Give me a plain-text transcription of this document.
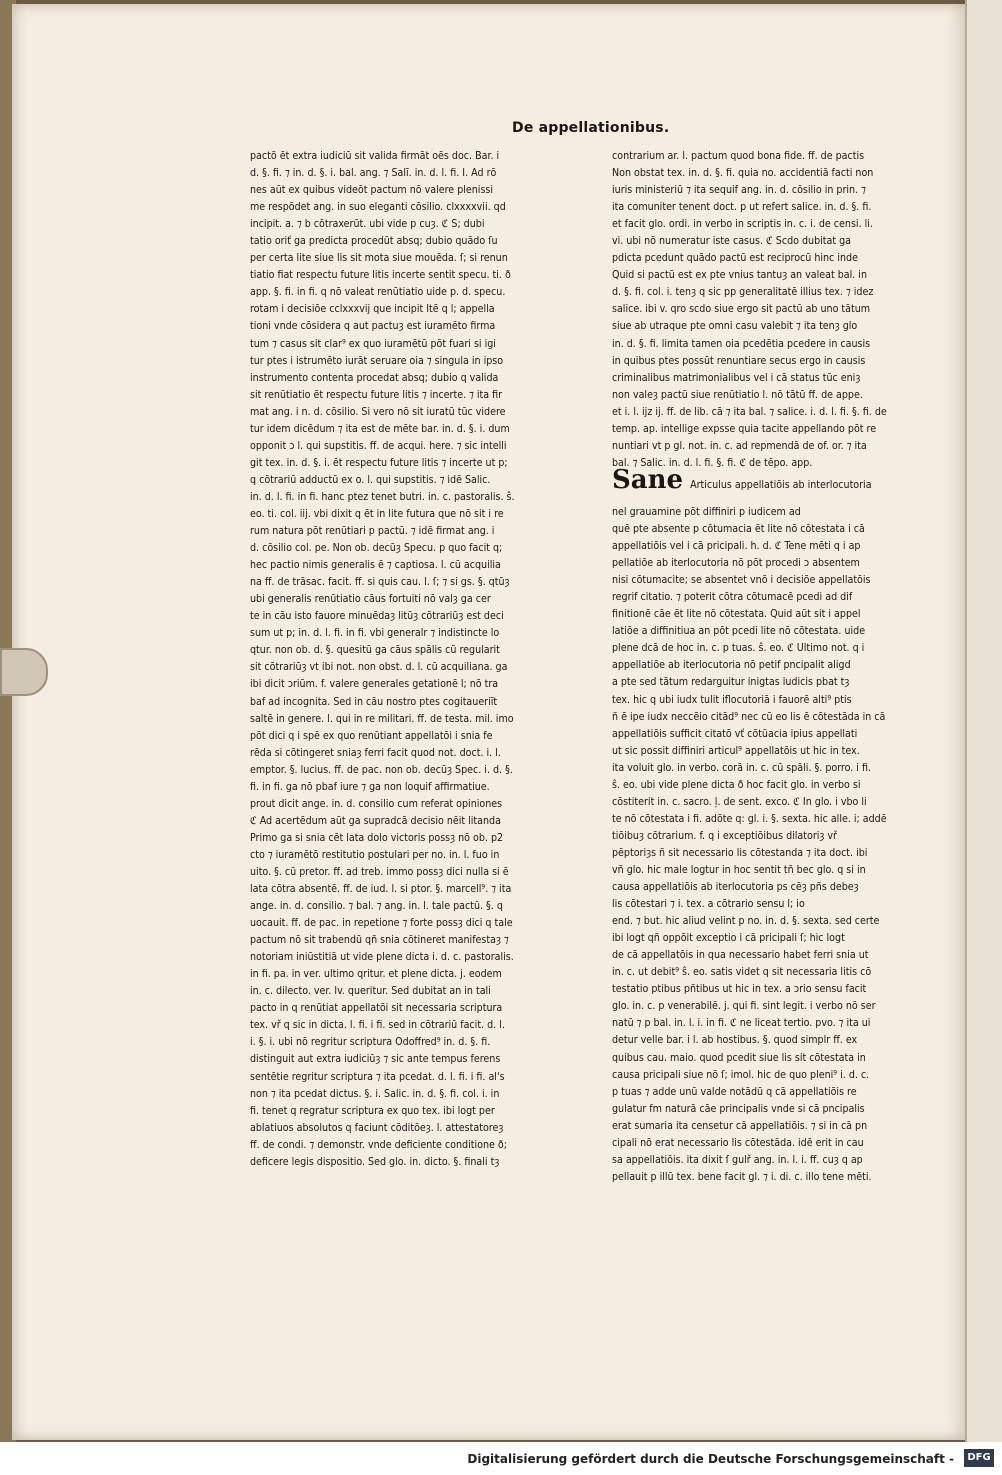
De appellationibus.
pactõ ēt extra iudiciū sit valida firmāt oēs doc. Bar. i
d. §. fi. ⁊ in. d. §. i. bal. ang. ⁊ Salī. in. d. l. fi. I. Ad rō
nes aūt ex quibus videōt pactum nō valere plenissi
me respōdet ang. in suo eleganti cōsilio. clxxxxvii. qd
incipit. a. ⁊ b cōtraxerūt. ubi vide p cuȝ. ℭ S; dubi
tatio oriť ga predicta procedūt absq; dubio quādo ſu
per certa lite siue lis sit mota siue mouēda. ſ; si renun
tiatio fiat respectu future litis incerte sentit specu. ti. ð
app. §. fi. in fi. q nō valeat renūtiatio uide p. d. specu.
rotam i decisiōe cclxxxvij que incipit Itē q l; appella
tioni vnde cōsidera q aut pactuȝ est iuramēto firma
tum ⁊ casus sit clar⁹ ex quo iuramētū pōt fuari si igi
tur ptes i istrumēto iurāt seruare oia ⁊ singula in ipso
instrumento contenta procedat absq; dubio q valida
sit renūtiatio ēt respectu future litis ⁊ incerte. ⁊ ita fir
mat ang. i n. d. cōsilio. Si vero nō sit iuratū tūc videre
tur idem dicēdum ⁊ ita est de mēte bar. in. d. §. i. dum
opponit ɔ l. qui supstitis. ff. de acqui. here. ⁊ sic intelli
git tex. in. d. §. i. ēt respectu future litis ⁊ incerte ut p;
q cōtrariū adductū ex o. l. qui supstitis. ⁊ idē Salic.
in. d. l. fi. in fi. hanc ptez tenet butri. in. c. pastoralis. ŝ.
eo. ti. col. iij. vbi dixit q ēt in lite futura que nō sit i re
rum natura pōt renūtiari p pactū. ⁊ idē firmat ang. i
d. cōsilio col. pe. Non ob. decūȝ Specu. p quo facit q;
hec pactio nimis generalis ē ⁊ captiosa. l. cū acquilia
na ff. de trāsac. facit. ff. si quis cau. l. ſ; ⁊ si gs. §. qtūȝ
ubi generalis renūtiatio cāus fortuiti nō valȝ ga cer
te in cāu isto fauore minuēdaȝ litūȝ cōtrariūȝ est deci
sum ut p; in. d. l. fi. in fi. vbi generalr ⁊ indistincte lo
qtur. non ob. d. §. quesitū ga cāus spālis cū regularit
sit cōtrariūȝ vt ibi not. non obst. d. l. cū acquiliana. ga
ibi dicit ɔriūm. f. valere generales getationē l; nō tra
baf ad incognita. Sed in cāu nostro ptes cogitaueriīt
saltē in genere. l. qui in re militari. ff. de testa. mil. imo
pōt dici q i spē ex quo renūtiant appellatōi i snia fe
rēda si cōtingeret sniaȝ ferri facit quod not. doct. i. l.
emptor. §. lucius. ff. de pac. non ob. decūȝ Spec. i. d. §.
fi. in fi. ga nō pbaf iure ⁊ ga non loquif affirmatiue.
prout dicit ange. in. d. consilio cum referat opiniones
ℭ Ad acertēdum aūt ga supradcā decisio nēit litanda
Primo ga si snia cēt lata dolo victoris possȝ nō ob. p2
cto ⁊ iuramētō restitutio postulari per no. in. l. fuo in
uito. §. cū pretor. ff. ad treb. immo possȝ dici nulla si ē
lata cōtra absentē. ff. de iud. l. si ptor. §. marcell⁹. ⁊ ita
ange. in. d. consilio. ⁊ bal. ⁊ ang. in. l. tale pactū. §. q
uocauit. ff. de pac. in repetione ⁊ forte possȝ dici q tale
pactum nō sit trabendū qñ snia cōtineret manifestaȝ ⁊
notoriam iniūstitiā ut vide plene dicta i. d. c. pastoralis.
in fi. pa. in ver. ultimo qritur. et plene dicta. j. eodem
in. c. dilecto. ver. lv. queritur. Sed dubitat an in tali
pacto in q renūtiat appellatōi sit necessaria scriptura
tex. vř q sic in dicta. l. fi. i fi. sed in cōtrariū facit. d. l.
i. §. i. ubi nō regritur scriptura Odoffred⁹ in. d. §. fi.
distinguit aut extra iudiciūȝ ⁊ sic ante tempus ferens
sentētie regritur scriptura ⁊ ita pcedat. d. l. fi. i fi. al's
non ⁊ ita pcedat dictus. §. i. Salic. in. d. §. fi. col. i. in
fi. tenet q regratur scriptura ex quo tex. ibi logt per
ablatiuos absolutos q faciunt cōditōeȝ. l. attestatoreȝ
ff. de condi. ⁊ demonstr. vnde deficiente conditione ð;
deficere legis dispositio. Sed glo. in. dicto. §. finali tȝ
contrarium ar. l. pactum quod bona fide. ff. de pactis
Non obstat tex. in. d. §. fi. quia no. accidentiā facti non
iuris ministeriū ⁊ ita sequif ang. in. d. cōsilio in prin. ⁊
ita comuniter tenent doct. p ut refert salice. in. d. §. fi.
et facit glo. ordi. in verbo in scriptis in. c. i. de censi. li.
vi. ubi nō numeratur iste casus. ℭ Scdo dubitat ga
pdicta pcedunt quādo pactū est reciprocū hinc inde
Quid si pactū est ex pte vnius tantuȝ an valeat bal. in
d. §. fi. col. i. tenȝ q sic pp generalitatē illius tex. ⁊ idez
salice. ibi v. qro scdo siue ergo sit pactū ab uno tātum
siue ab utraque pte omni casu valebit ⁊ ita tenȝ glo
in. d. §. fi. limita tamen oia pcedētia pcedere in causis
in quibus ptes possūt renuntiare secus ergo in causis
criminalibus matrimonialibus vel i cā status tūc eniȝ
non valeȝ pactū siue renūtiatio l. nō tātū ff. de appe.
et i. l. ijz ij. ff. de lib. cā ⁊ ita bal. ⁊ salice. i. d. l. fi. §. fi. de
temp. ap. intellige expsse quia tacite appellando pōt re
nuntiari vt p gl. not. in. c. ad repmendā de of. or. ⁊ ita
bal. ⁊ Salic. in. d. l. fi. §. fi. ℭ de tēpo. app.
Sane Articulus appellatiōis ab interlocutoria
nel grauamine pōt diffiniri p iudicem ad
quē pte absente p cōtumacia ēt lite nō cōtestata i cā
appellatiōis vel i cā pricipali. h. d. ℭ Tene mēti q i ap
pellatiōe ab iterlocutoria nō pōt procedi ɔ absentem
nisi cōtumacite; se absentet vnō i decisiōe appellatōis
regrif citatio. ⁊ poterit cōtra cōtumacē pcedi ad dif
finitionē cāe ēt lite nō cōtestata. Quid aūt sit i appel
latiōe a diffinitiua an pōt pcedi lite nō cōtestata. uide
plene dcā de hoc in. c. p tuas. ŝ. eo. ℭ Ultimo not. q i
appellatiōe ab iterlocutoria nō petif pncipalit aligd
a pte sed tātum redarguitur inigtas iudicis pbat tȝ
tex. hic q ubi iudx tulit iflocutoriā i fauorē alti⁹ ptis
ñ ē ipe iudx neccēio citād⁹ nec cū eo lis ē cōtestāda in cā
appellatiōis sufficit citatō vť cōtūacia ipius appellati
ut sic possit diffiniri articul⁹ appellatōis ut hic in tex.
ita voluit glo. in verbo. corā in. c. cū spāli. §. porro. i fi.
ŝ. eo. ubi vide plene dicta ð hoc facit glo. in verbo si
cōstiterit in. c. sacro. ļ. de sent. exco. ℭ In glo. i vbo li
te nō cōtestata i fi. adōte q: gl. i. §. sexta. hic alle. i; addē
tiōibuȝ cōtrarium. f. q i exceptiōibus dilatoriȝ vř
pēptoriȝs ñ sit necessario lis cōtestanda ⁊ ita doct. ibi
vñ glo. hic male logtur in hoc sentit tñ bec glo. q si in
causa appellatiōis ab iterlocutoria ps cēȝ pñs debeȝ
lis cōtestari ⁊ i. tex. a cōtrario sensu l; io
end. ⁊ but. hic aliud velint p no. in. d. §. sexta. sed certe
ibi logt qñ oppōit exceptio i cā pricipali ſ; hic logt
de cā appellatōis in qua necessario habet ferri snia ut
in. c. ut debit⁹ ŝ. eo. satis videt q sit necessaria litis cō
testatio ptibus pñtibus ut hic in tex. a ɔrio sensu facit
glo. in. c. p venerabilē. j. qui fi. sint legit. i verbo nō ser
natū ⁊ p bal. in. l. i. in fi. ℭ ne liceat tertio. pvo. ⁊ ita ui
detur velle bar. i l. ab hostibus. §. quod simplr ff. ex
quibus cau. maio. quod pcedit siue lis sit cōtestata in
causa pricipali siue nō ſ; imol. hic de quo pleni⁹ i. d. c.
p tuas ⁊ adde unū valde notādū q cā appellatiōis re
gulatur fm naturā cāe principalis vnde si cā pncipalis
erat sumaria ita censetur cā appellatiōis. ⁊ si in cā pn
cipali nō erat necessario lis cōtestāda. idē erit in cau
sa appellatiōis. ita dixit ſ gulř ang. in. l. i. ff. cuȝ q ap
pellauit p illū tex. bene facit gl. ⁊ i. di. c. illo tene mēti.
Digitalisierung gefördert durch die Deutsche Forschungsgemeinschaft -	DFG
